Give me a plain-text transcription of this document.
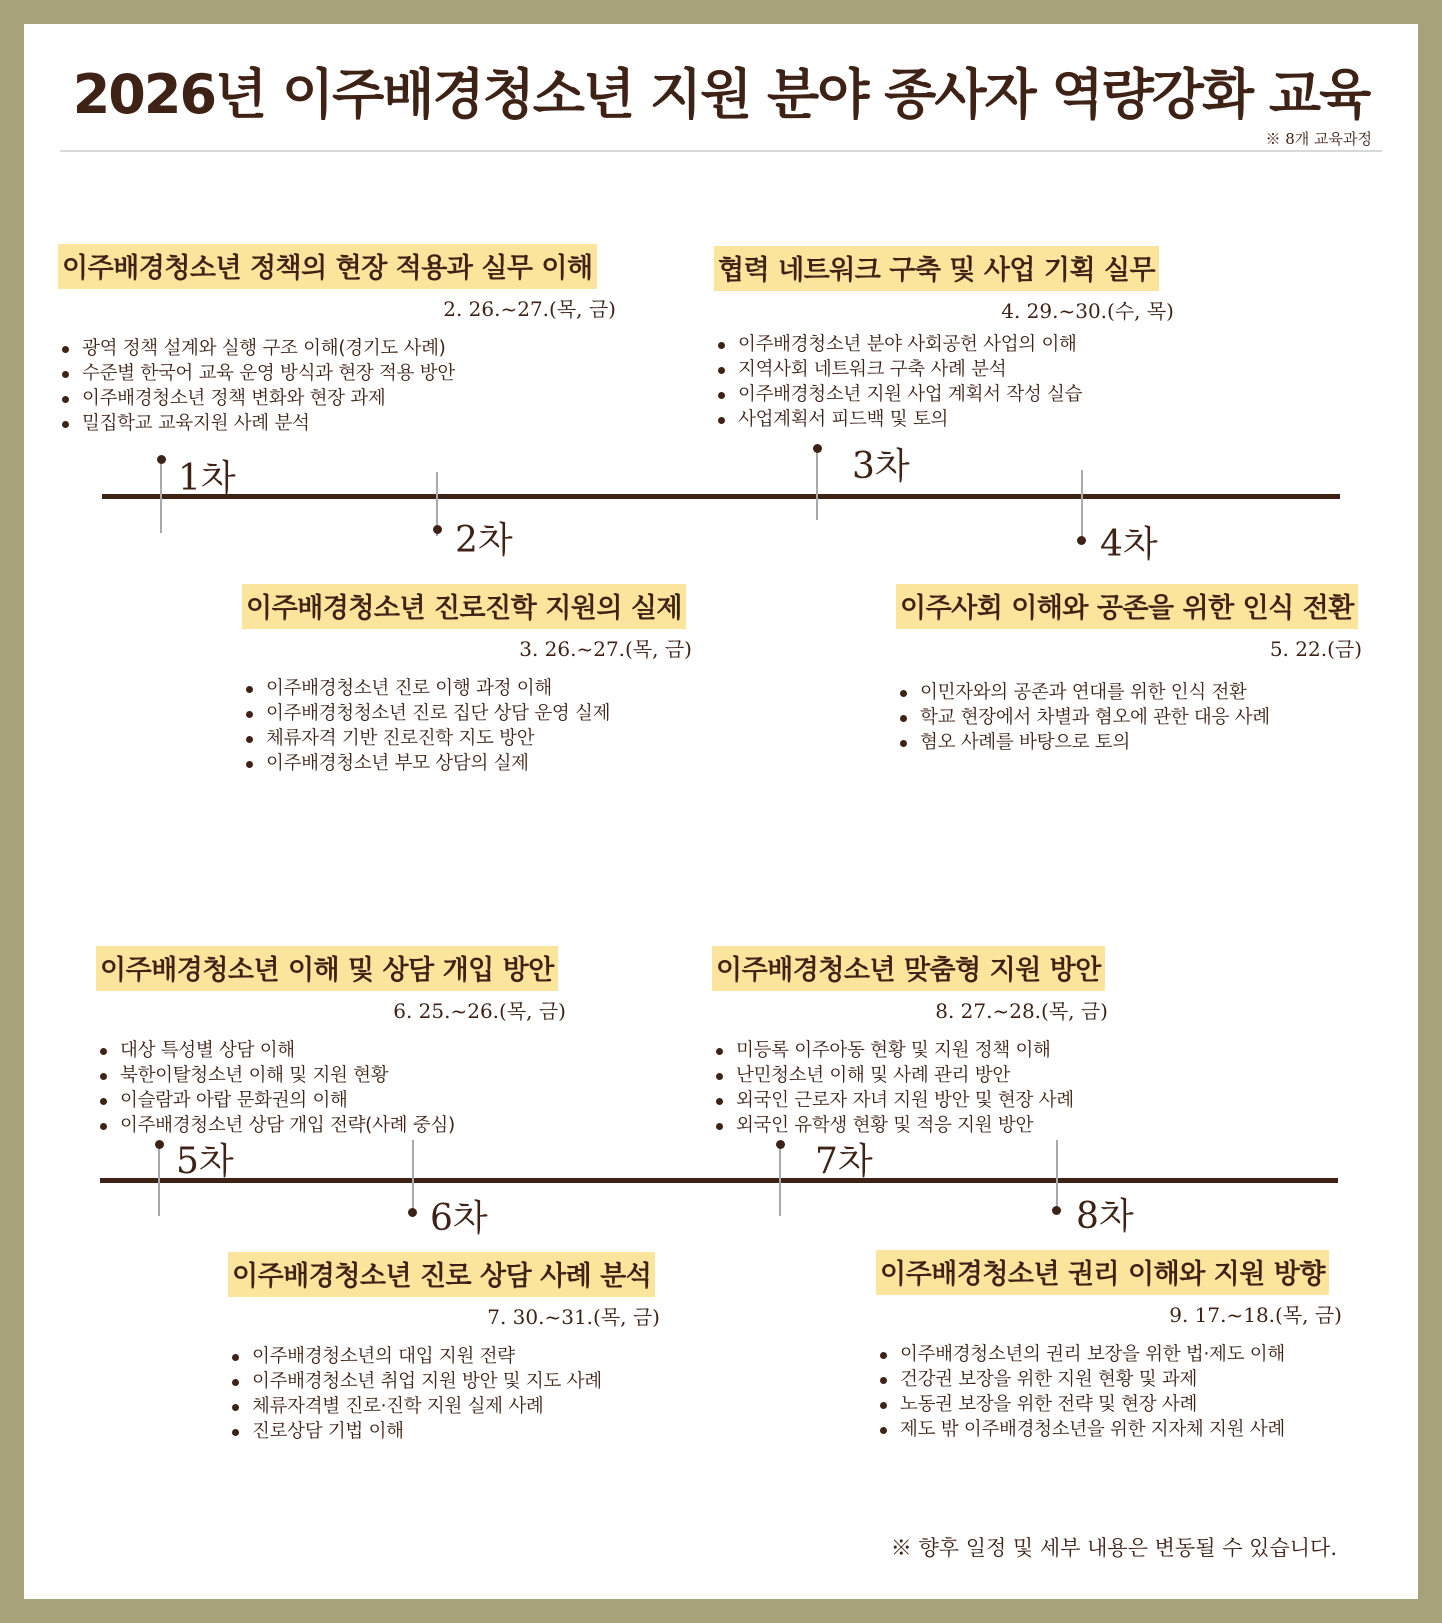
2026년 이주배경청소년 지원 분야 종사자 역량강화 교육
※ 8개 교육과정
1차
2차
3차
4차
5차
6차
7차
8차
이주배경청소년 정책의 현장 적용과 실무 이해
2. 26.~27.(목, 금)
광역 정책 설계와 실행 구조 이해(경기도 사례)
수준별 한국어 교육 운영 방식과 현장 적용 방안
이주배경청소년 정책 변화와 현장 과제
밀집학교 교육지원 사례 분석
이주배경청소년 진로진학 지원의 실제
3. 26.~27.(목, 금)
이주배경청소년 진로 이행 과정 이해
이주배경청청소년 진로 집단 상담 운영 실제
체류자격 기반 진로진학 지도 방안
이주배경청소년 부모 상담의 실제
협력 네트워크 구축 및 사업 기획 실무
4. 29.~30.(수, 목)
이주배경청소년 분야 사회공헌 사업의 이해
지역사회 네트워크 구축 사례 분석
이주배경청소년 지원 사업 계획서 작성 실습
사업계획서 피드백 및 토의
이주사회 이해와 공존을 위한 인식 전환
5. 22.(금)
이민자와의 공존과 연대를 위한 인식 전환
학교 현장에서 차별과 혐오에 관한 대응 사례
혐오 사례를 바탕으로 토의
이주배경청소년 이해 및 상담 개입 방안
6. 25.~26.(목, 금)
대상 특성별 상담 이해
북한이탈청소년 이해 및 지원 현황
이슬람과 아랍 문화권의 이해
이주배경청소년 상담 개입 전략(사례 중심)
이주배경청소년 진로 상담 사례 분석
7. 30.~31.(목, 금)
이주배경청소년의 대입 지원 전략
이주배경청소년 취업 지원 방안 및 지도 사례
체류자격별 진로·진학 지원 실제 사례
진로상담 기법 이해
이주배경청소년 맞춤형 지원 방안
8. 27.~28.(목, 금)
미등록 이주아동 현황 및 지원 정책 이해
난민청소년 이해 및 사례 관리 방안
외국인 근로자 자녀 지원 방안 및 현장 사례
외국인 유학생 현황 및 적응 지원 방안
이주배경청소년 권리 이해와 지원 방향
9. 17.~18.(목, 금)
이주배경청소년의 권리 보장을 위한 법·제도 이해
건강권 보장을 위한 지원 현황 및 과제
노동권 보장을 위한 전략 및 현장 사례
제도 밖 이주배경청소년을 위한 지자체 지원 사례
※ 향후 일정 및 세부 내용은 변동될 수 있습니다.
